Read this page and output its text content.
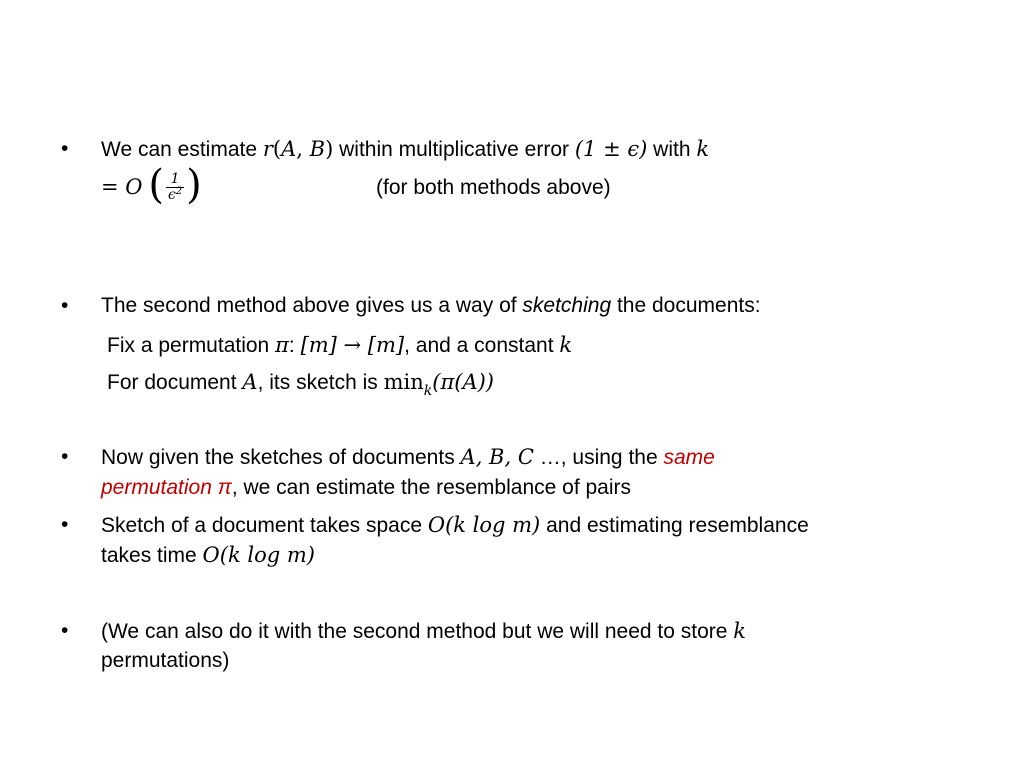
• We can estimate r(A, B) within multiplicative error (1 ± ϵ) with k
= O ( $\frac{1}{\epsilon^2}$ )	(for both methods above)
• The second method above gives us a way of sketching the documents:
Fix a permutation π: [m] → [m], and a constant k
For document A, its sketch is $\min_k(\pi(A))$
• Now given the sketches of documents A, B, C …, using the same
permutation π, we can estimate the resemblance of pairs
• Sketch of a document takes space O(k log m) and estimating resemblance
takes time O(k log m)
• (We can also do it with the second method but we will need to store k
permutations)
